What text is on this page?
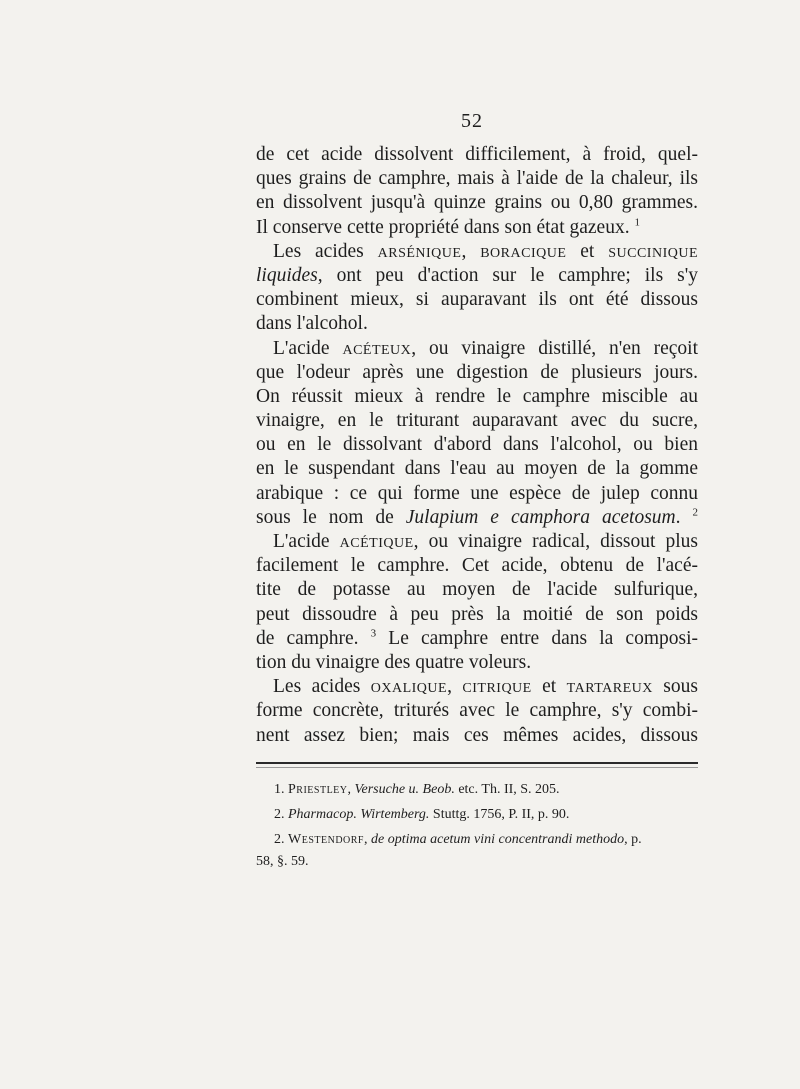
52
de cet acide dissolvent difficilement, à froid, quel-
ques grains de camphre, mais à l'aide de la chaleur, ils
en dissolvent jusqu'à quinze grains ou 0,80 grammes.
Il conserve cette propriété dans son état gazeux. $^1$
Les acides arsénique, boracique et succinique
liquides, ont peu d'action sur le camphre; ils s'y
combinent mieux, si auparavant ils ont été dissous
dans l'alcohol.
L'acide acéteux, ou vinaigre distillé, n'en reçoit
que l'odeur après une digestion de plusieurs jours.
On réussit mieux à rendre le camphre miscible au
vinaigre, en le triturant auparavant avec du sucre,
ou en le dissolvant d'abord dans l'alcohol, ou bien
en le suspendant dans l'eau au moyen de la gomme
arabique : ce qui forme une espèce de julep connu
sous le nom de Julapium e camphora acetosum. $^2$
L'acide acétique, ou vinaigre radical, dissout plus
facilement le camphre. Cet acide, obtenu de l'acé-
tite de potasse au moyen de l'acide sulfurique,
peut dissoudre à peu près la moitié de son poids
de camphre. $^3$ Le camphre entre dans la composi-
tion du vinaigre des quatre voleurs.
Les acides oxalique, citrique et tartareux sous
forme concrète, triturés avec le camphre, s'y combi-
nent assez bien; mais ces mêmes acides, dissous
1. Priestley, Versuche u. Beob. etc. Th. II, S. 205.
2. Pharmacop. Wirtemberg. Stuttg. 1756, P. II, p. 90.
2. Westendorf, de optima acetum vini concentrandi methodo, p.
58, §. 59.
